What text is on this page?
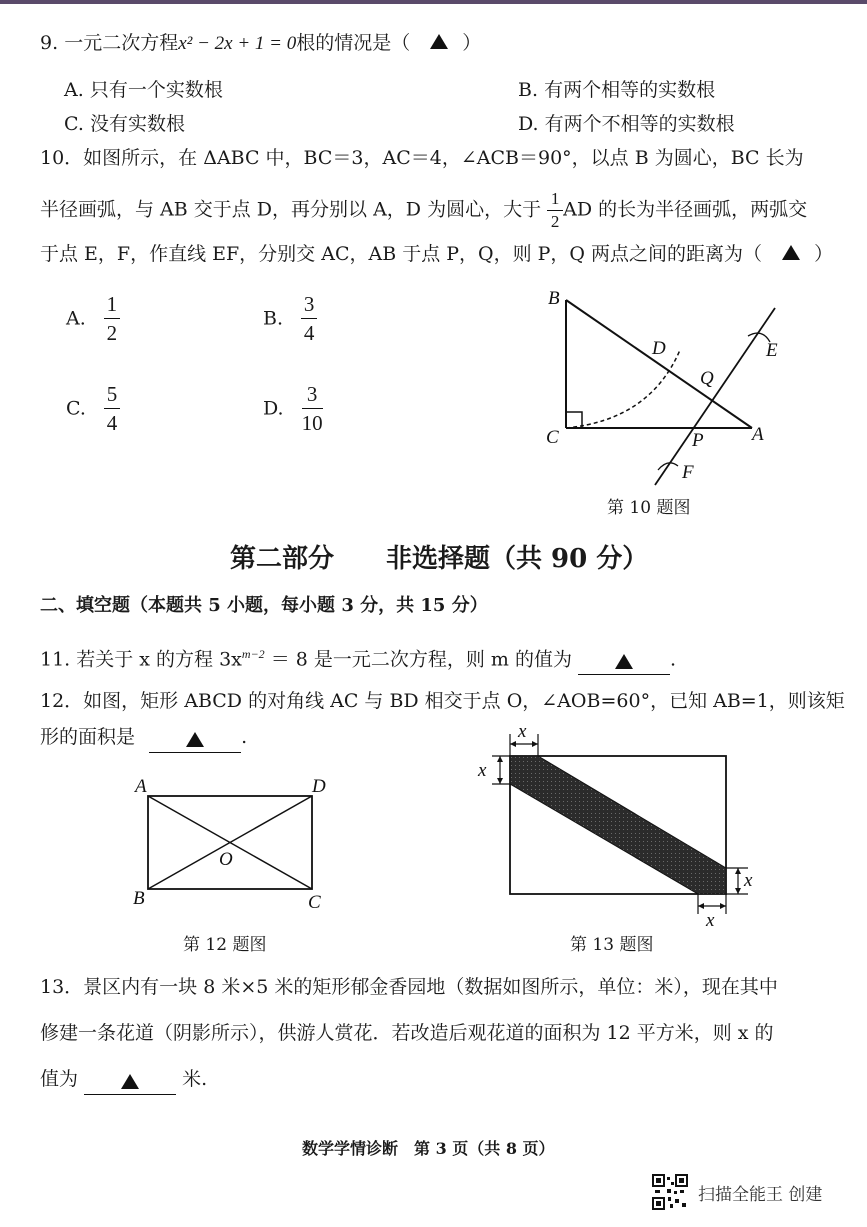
9. 一元二次方程x² − 2x + 1 = 0根的情况是（	）
A. 只有一个实数根	B. 有两个相等的实数根
C. 没有实数根	D. 有两个不相等的实数根
10．如图所示，在 ΔABC 中，BC＝3，AC＝4，∠ACB＝90°，以点 B 为圆心，BC 长为
半径画弧，与 AB 交于点 D，再分别以 A，D 为圆心，大于 $\frac{1}{2}$ AD 的长为半径画弧，两弧交
于点 E，F，作直线 EF，分别交 AC，AB 于点 P，Q，则 P，Q 两点之间的距离为（	）
A. $\frac{1}{2}$	B. $\frac{3}{4}$
C. $\frac{5}{4}$	D. $\frac{3}{10}$
B
C	A
D
Q
P
E
F
第 10 题图
第二部分　　非选择题（共 90 分）
二、填空题（本题共 5 小题，每小题 3 分，共 15 分）
11. 若关于 x 的方程 $3x^{m-2} = 8$ 是一元二次方程，则 m 的值为	.
12．如图，矩形 ABCD 的对角线 AC 与 BD 相交于点 O，∠AOB=60°，已知 AB=1，则该矩
形的面积是	.
A	D
B	C
O
第 12 题图
x
x
x
x
第 13 题图
13．景区内有一块 8 米×5 米的矩形郁金香园地（数据如图所示，单位：米），现在其中
修建一条花道（阴影所示），供游人赏花．若改造后观花道的面积为 12 平方米，则 x 的
值为	米.
数学学情诊断　第 3 页（共 8 页）
扫描全能王 创建
